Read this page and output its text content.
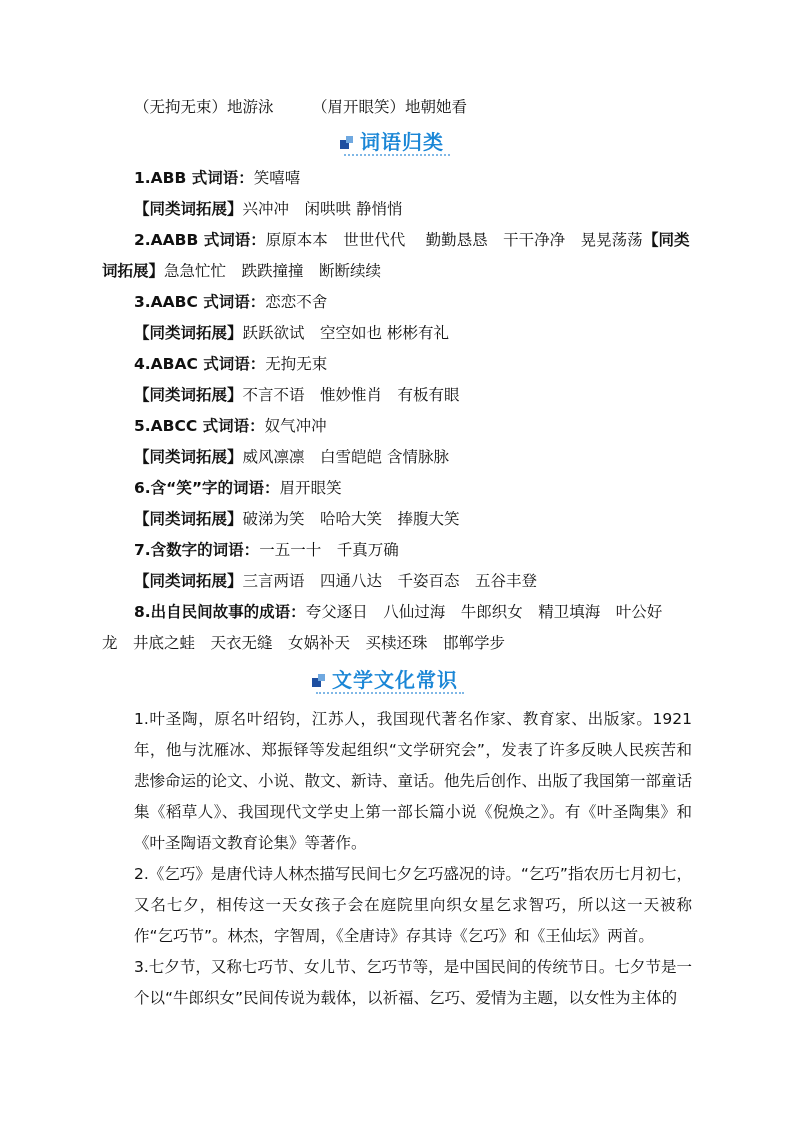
（无拘无束）地游泳 （眉开眼笑）地朝她看
词语归类
1.ABB 式词语：笑嘻嘻
【同类词拓展】兴冲冲　闲哄哄 静悄悄
2.AABB 式词语：原原本本　世世代代　 勤勤恳恳　干干净净　晃晃荡荡 【同类
词拓展】急急忙忙　跌跌撞撞　断断续续
3.AABC 式词语：恋恋不舍
【同类词拓展】跃跃欲试　空空如也 彬彬有礼
4.ABAC 式词语：无拘无束
【同类词拓展】不言不语　惟妙惟肖　有板有眼
5.ABCC 式词语：奴气冲冲
【同类词拓展】威风凛凛　白雪皑皑 含情脉脉
6.含“笑”字的词语：眉开眼笑
【同类词拓展】破涕为笑　哈哈大笑　捧腹大笑
7.含数字的词语：一五一十　千真万确
【同类词拓展】三言两语　四通八达　千姿百态　五谷丰登
8.出自民间故事的成语：夸父逐日　八仙过海　牛郎织女　精卫填海　叶公好
龙　井底之蛙　天衣无缝　女娲补天　买椟还珠　邯郸学步
文学文化常识
1.叶圣陶，原名叶绍钧，江苏人，我国现代著名作家、教育家、出版家。1921年，他与沈雁冰、郑振铎等发起组织“文学研究会”，发表了许多反映人民疾苦和悲惨命运的论文、小说、散文、新诗、童话。他先后创作、出版了我国第一部童话集《稻草人》、我国现代文学史上第一部长篇小说《倪焕之》。有《叶圣陶集》和《叶圣陶语文教育论集》等著作。
2.《乞巧》是唐代诗人林杰描写民间七夕乞巧盛况的诗。“乞巧”指农历七月初七，又名七夕，相传这一天女孩子会在庭院里向织女星乞求智巧，所以这一天被称作“乞巧节”。林杰，字智周，《全唐诗》存其诗《乞巧》和《王仙坛》两首。
3.七夕节，又称七巧节、女儿节、乞巧节等，是中国民间的传统节日。七夕节是一个以“牛郎织女”民间传说为载体，以祈福、乞巧、爱情为主题，以女性为主体的
